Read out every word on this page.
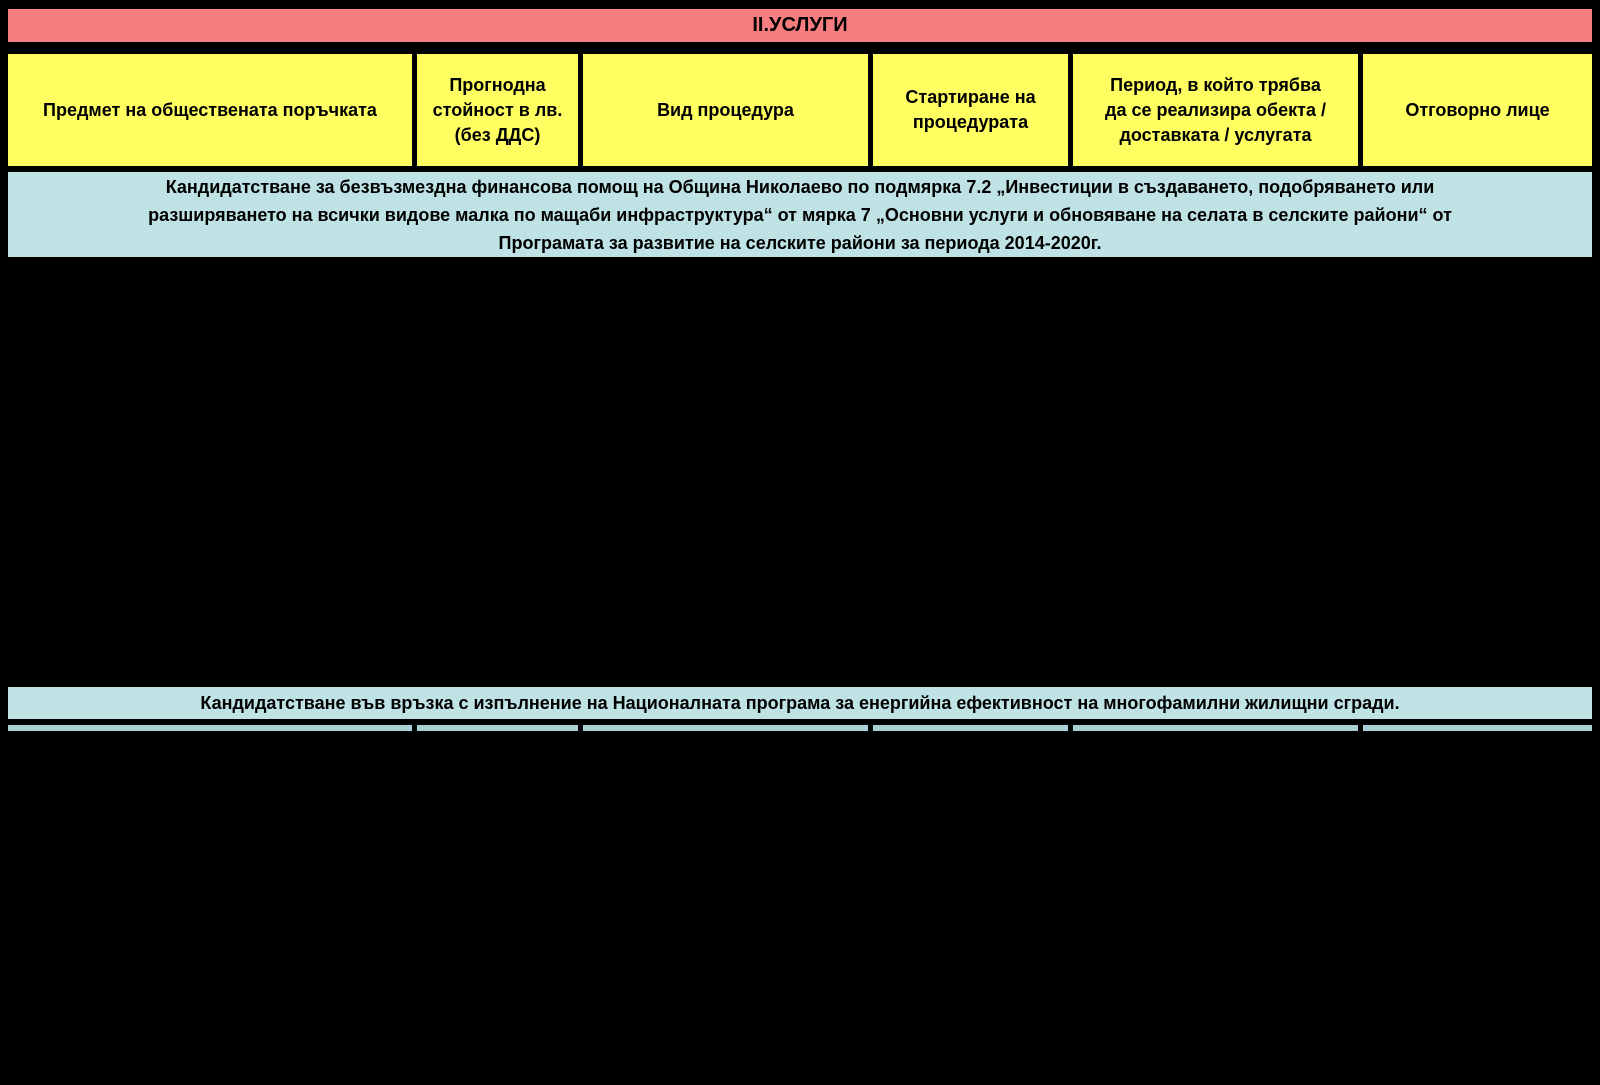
II.УСЛУГИ
Предмет на обществената поръчката
Прогнодна стойност в лв. (без ДДС)
Вид процедура
Стартиране на процедурата
Период, в който трябва да се реализира обекта / доставката / услугата
Отговорно лице
Кандидатстване за безвъзмездна финансова помощ на Община Николаево по подмярка 7.2 „Инвестиции в създаването, подобряването или
разширяването на всички видове малка по мащаби инфраструктура“ от мярка 7 „Основни услуги и обновяване на селата в селските райони“ от
Програмата за развитие на селските райони за периода 2014-2020г.
Кандидатстване във връзка с изпълнение на Националната програма за енергийна ефективност на многофамилни жилищни сгради.
